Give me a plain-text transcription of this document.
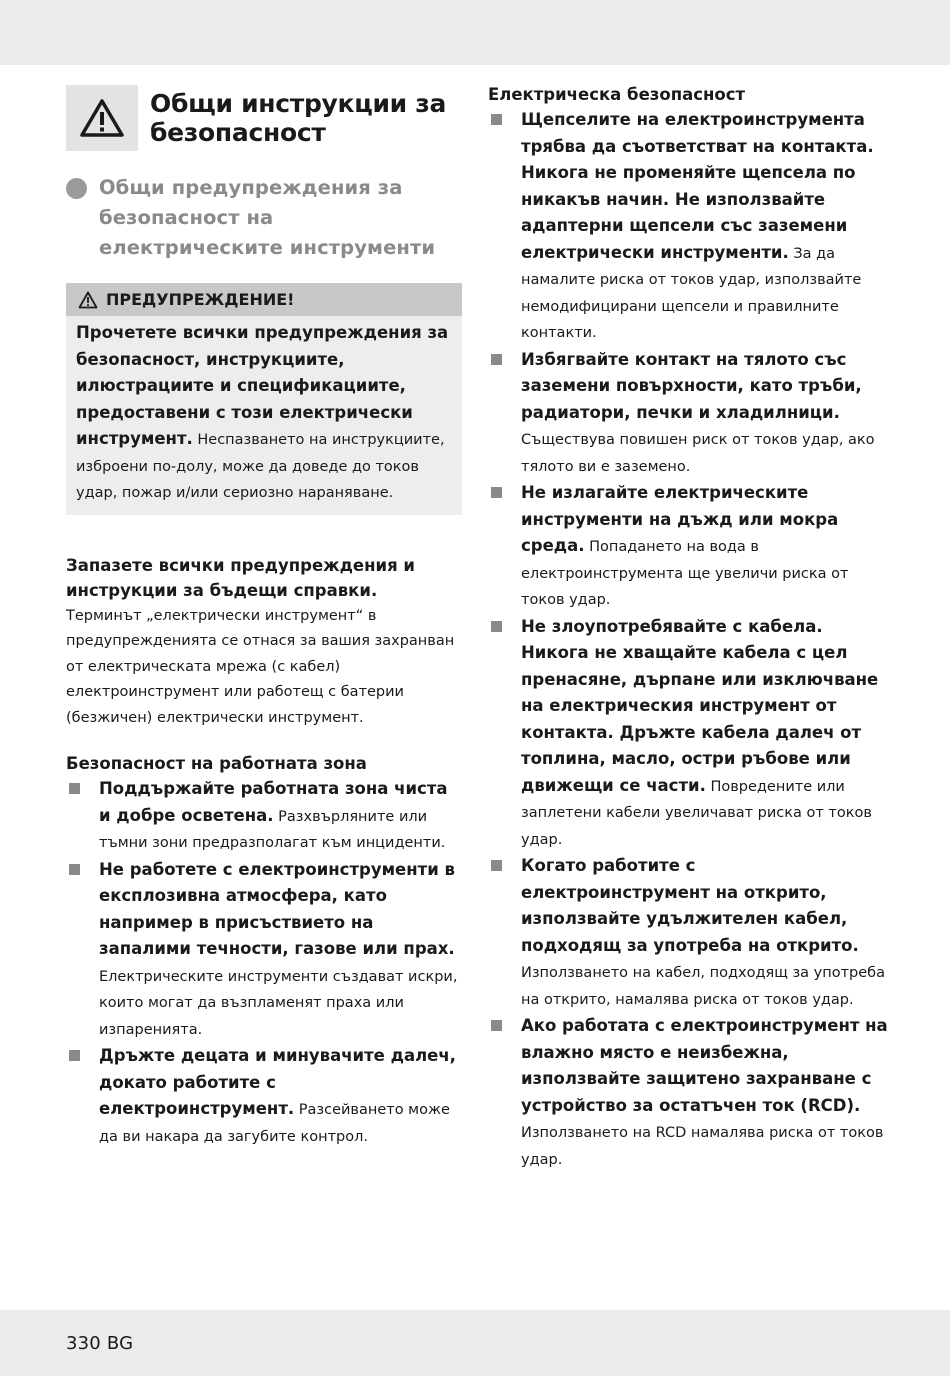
Общи инструкции за безопасност
Общи предупреждения за безопасност на електрическите инструменти
ПРЕДУПРЕЖДЕНИЕ!
Прочетете всички предупреждения за безопасност, инструкциите, илюстрациите и спецификациите, предоставени с този електрически инструмент. Неспазването на инструкциите, изброени по-долу, може да доведе до токов удар, пожар и/или сериозно нараняване.

Запазете всички предупреждения и инструкции за бъдещи справки.

Терминът „електрически инструмент“ в предупрежденията се отнася за вашия захранван от електрическата мрежа (с кабел) електроинструмент или работещ с батерии (безжичен) електрически инструмент.

Безопасност на работната зона
Поддържайте работната зона чиста и добре осветена. Разхвърляните или тъмни зони предразполагат към инциденти.
Не работете с електроинструменти в експлозивна атмосфера, като например в присъствието на запалими течности, газове или прах. Електрическите инструменти създават искри, които могат да възпламенят праха или изпаренията.
Дръжте децата и минувачите далеч, докато работите с електроинструмент. Разсейването може да ви накара да загубите контрол.
Електрическа безопасност
Щепселите на електроинструмента трябва да съответстват на контакта. Никога не променяйте щепсела по никакъв начин. Не използвайте адаптерни щепсели със заземени електрически инструменти. За да намалите риска от токов удар, използвайте немодифицирани щепсели и правилните контакти.
Избягвайте контакт на тялото със заземени повърхности, като тръби, радиатори, печки и хладилници. Съществува повишен риск от токов удар, ако тялото ви е заземено.
Не излагайте електрическите инструменти на дъжд или мокра среда. Попадането на вода в електроинструмента ще увеличи риска от токов удар.
Не злоупотребявайте с кабела. Никога не хващайте кабела с цел пренасяне, дърпане или изключване на електрическия инструмент от контакта. Дръжте кабела далеч от топлина, масло, остри ръбове или движещи се части. Повредените или заплетени кабели увеличават риска от токов удар.
Когато работите с електроинструмент на открито, използвайте удължителен кабел, подходящ за употреба на открито. Използването на кабел, подходящ за употреба на открито, намалява риска от токов удар.
Ако работата с електроинструмент на влажно място е неизбежна, използвайте защитено захранване с устройство за остатъчен ток (RCD). Използването на RCD намалява риска от токов удар.
330 BG
